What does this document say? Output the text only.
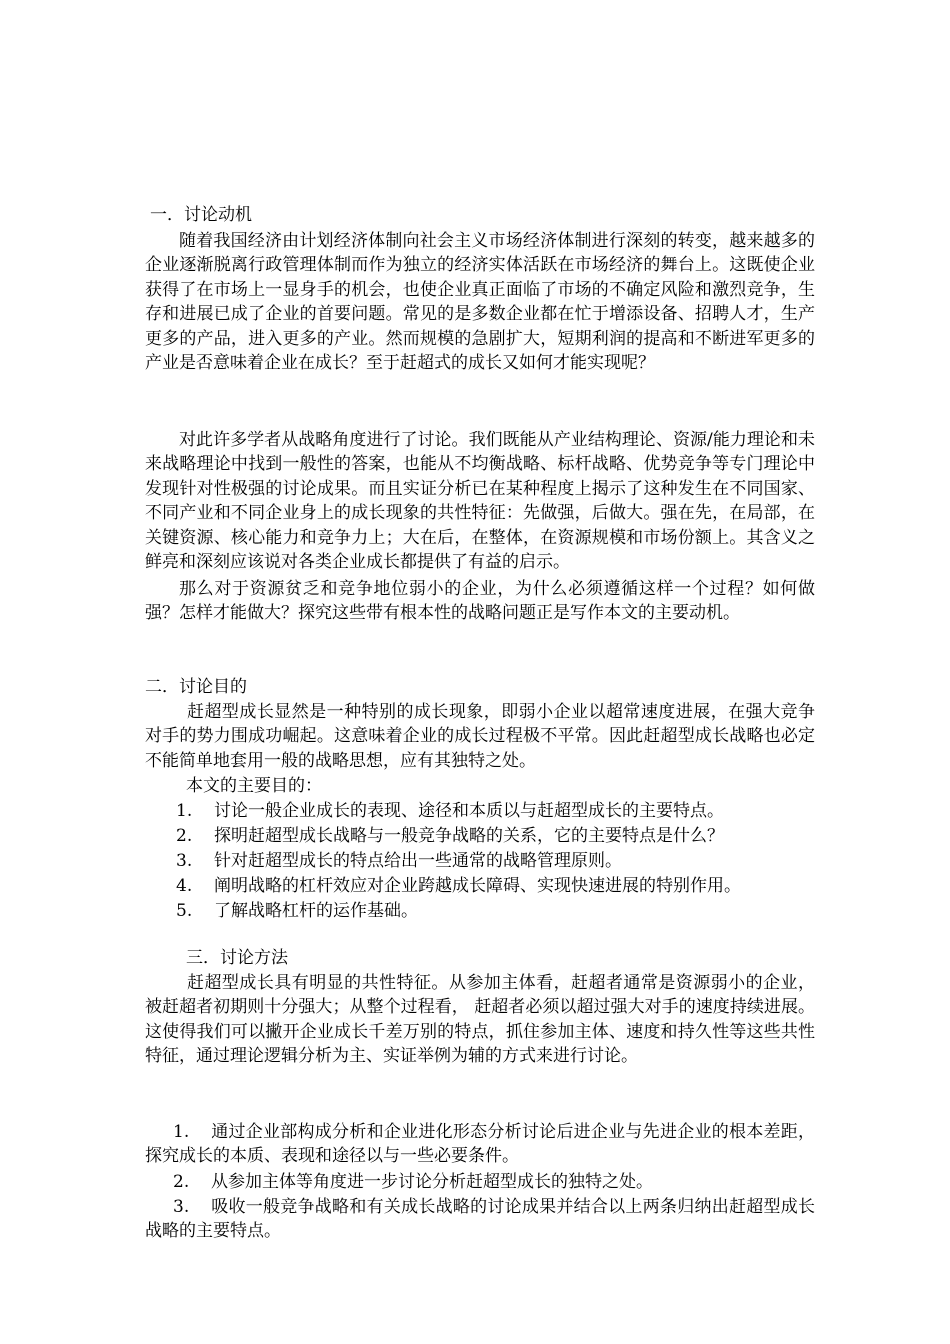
一．讨论动机
随着我国经济由计划经济体制向社会主义市场经济体制进行深刻的转变，越来越多的企业逐渐脱离行政管理体制而作为独立的经济实体活跃在市场经济的舞台上。这既使企业获得了在市场上一显身手的机会，也使企业真正面临了市场的不确定风险和激烈竞争，生存和进展已成了企业的首要问题。常见的是多数企业都在忙于增添设备、招聘人才，生产更多的产品，进入更多的产业。然而规模的急剧扩大，短期利润的提高和不断进军更多的产业是否意味着企业在成长？至于赶超式的成长又如何才能实现呢？
对此许多学者从战略角度进行了讨论。我们既能从产业结构理论、资源/能力理论和未来战略理论中找到一般性的答案，也能从不均衡战略、标杆战略、优势竞争等专门理论中发现针对性极强的讨论成果。而且实证分析已在某种程度上揭示了这种发生在不同国家、不同产业和不同企业身上的成长现象的共性特征：先做强，后做大。强在先，在局部，在关键资源、核心能力和竞争力上；大在后，在整体，在资源规模和市场份额上。其含义之鲜亮和深刻应该说对各类企业成长都提供了有益的启示。
那么对于资源贫乏和竞争地位弱小的企业，为什么必须遵循这样一个过程？如何做强？怎样才能做大？探究这些带有根本性的战略问题正是写作本文的主要动机。
二．讨论目的
赶超型成长显然是一种特别的成长现象，即弱小企业以超常速度进展，在强大竞争对手的势力围成功崛起。这意味着企业的成长过程极不平常。因此赶超型成长战略也必定不能简单地套用一般的战略思想，应有其独特之处。
本文的主要目的：
1. 讨论一般企业成长的表现、途径和本质以与赶超型成长的主要特点。
2. 探明赶超型成长战略与一般竞争战略的关系，它的主要特点是什么？
3. 针对赶超型成长的特点给出一些通常的战略管理原则。
4. 阐明战略的杠杆效应对企业跨越成长障碍、实现快速进展的特别作用。
5. 了解战略杠杆的运作基础。
三．讨论方法
赶超型成长具有明显的共性特征。从参加主体看，赶超者通常是资源弱小的企业，被赶超者初期则十分强大；从整个过程看， 赶超者必须以超过强大对手的速度持续进展。这使得我们可以撇开企业成长千差万别的特点，抓住参加主体、速度和持久性等这些共性特征，通过理论逻辑分析为主、实证举例为辅的方式来进行讨论。
1. 通过企业部构成分析和企业进化形态分析讨论后进企业与先进企业的根本差距，探究成长的本质、表现和途径以与一些必要条件。
2. 从参加主体等角度进一步讨论分析赶超型成长的独特之处。
3. 吸收一般竞争战略和有关成长战略的讨论成果并结合以上两条归纳出赶超型成长战略的主要特点。
